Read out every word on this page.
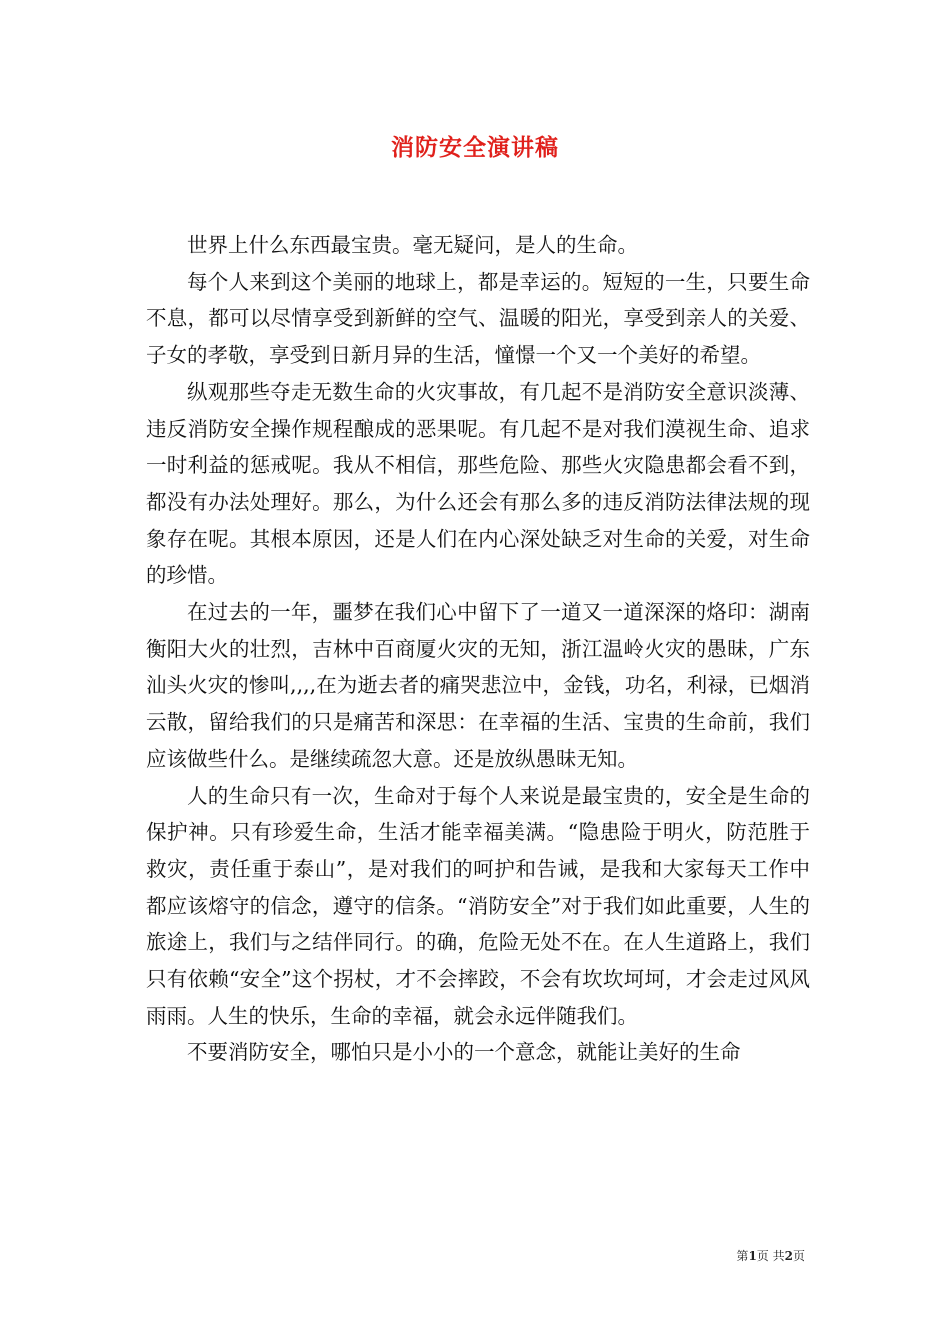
消防安全演讲稿

世界上什么东西最宝贵。毫无疑问，是人的生命。

每个人来到这个美丽的地球上，都是幸运的。短短的一生，只要生命不息，都可以尽情享受到新鲜的空气、温暖的阳光，享受到亲人的关爱、子女的孝敬，享受到日新月异的生活，憧憬一个又一个美好的希望。

纵观那些夺走无数生命的火灾事故，有几起不是消防安全意识淡薄、违反消防安全操作规程酿成的恶果呢。有几起不是对我们漠视生命、追求一时利益的惩戒呢。我从不相信，那些危险、那些火灾隐患都会看不到，都没有办法处理好。那么，为什么还会有那么多的违反消防法律法规的现象存在呢。其根本原因，还是人们在内心深处缺乏对生命的关爱，对生命的珍惜。

在过去的一年，噩梦在我们心中留下了一道又一道深深的烙印：湖南衡阳大火的壮烈，吉林中百商厦火灾的无知，浙江温岭火灾的愚昧，广东汕头火灾的惨叫,,,,在为逝去者的痛哭悲泣中，金钱，功名，利禄，已烟消云散，留给我们的只是痛苦和深思：在幸福的生活、宝贵的生命前，我们应该做些什么。是继续疏忽大意。还是放纵愚昧无知。

人的生命只有一次，生命对于每个人来说是最宝贵的，安全是生命的保护神。只有珍爱生命，生活才能幸福美满。“隐患险于明火，防范胜于救灾，责任重于泰山”，是对我们的呵护和告诫，是我和大家每天工作中都应该熔守的信念，遵守的信条。“消防安全”对于我们如此重要，人生的旅途上，我们与之结伴同行。的确，危险无处不在。在人生道路上，我们只有依赖“安全”这个拐杖，才不会摔跤，不会有坎坎坷坷，才会走过风风雨雨。人生的快乐，生命的幸福，就会永远伴随我们。

不要消防安全，哪怕只是小小的一个意念，就能让美好的生命

第1页 共2页
